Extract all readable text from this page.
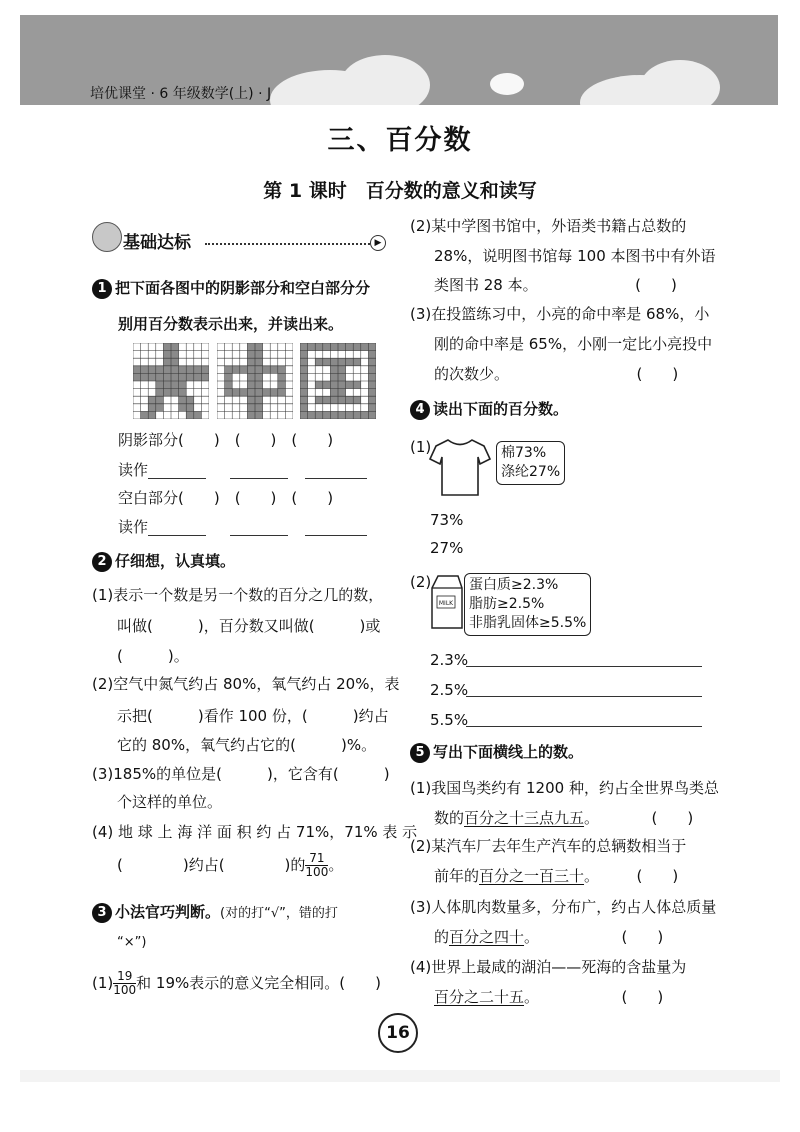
培优课堂 · 6 年级数学(上) · J
三、百分数
第 1 课时　百分数的意义和读写
基础达标	▶
1 把下面各图中的阴影部分和空白部分分
别用百分数表示出来，并读出来。
阴影部分(　　)　(　　)　(　　)
读作
空白部分(　　)　(　　)　(　　)
读作
2 仔细想，认真填。
(1)表示一个数是另一个数的百分之几的数，
叫做(　　　)，百分数又叫做(　　　)或
(　　　)。
(2)空气中氮气约占 80%，氧气约占 20%，表
示把(　　　)看作 100 份，(　　　)约占
它的 80%，氧气约占它的(　　　)%。
(3)185%的单位是(　　　)，它含有(　　　)
个这样的单位。
(4) 地 球 上 海 洋 面 积 约 占 71%，71% 表 示
(　　　　)约占(　　　　)的 $\frac{71}{100}$ 。
3 小法官巧判断。(对的打“√”，错的打
“×”)
$(1) \frac{19}{100}$ 和 19%表示的意义完全相同。(　　)
(2)某中学图书馆中，外语类书籍占总数的
28%，说明图书馆每 100 本图书中有外语
类图书 28 本。　　　　　　　(　　)
(3)在投篮练习中，小亮的命中率是 68%，小
刚的命中率是 65%，小刚一定比小亮投中
的次数少。　　　　　　　　　(　　)
4 读出下面的百分数。
(1)	棉73%
涤纶27%
73%
27%
(2)
MILK
蛋白质≥2.3%
脂肪≥2.5%
非脂乳固体≥5.5%
2.3%
2.5%
5.5%
5 写出下面横线上的数。
(1)我国鸟类约有 1200 种，约占全世界鸟类总
数的百分之十三点九五。　　　　(　　)
(2)某汽车厂去年生产汽车的总辆数相当于
前年的百分之一百三十。　　　(　　)
(3)人体肌肉数量多，分布广，约占人体总质量
的百分之四十。　　　　　　(　　)
(4)世界上最咸的湖泊——死海的含盐量为
百分之二十五。　　　　　　(　　)
16
